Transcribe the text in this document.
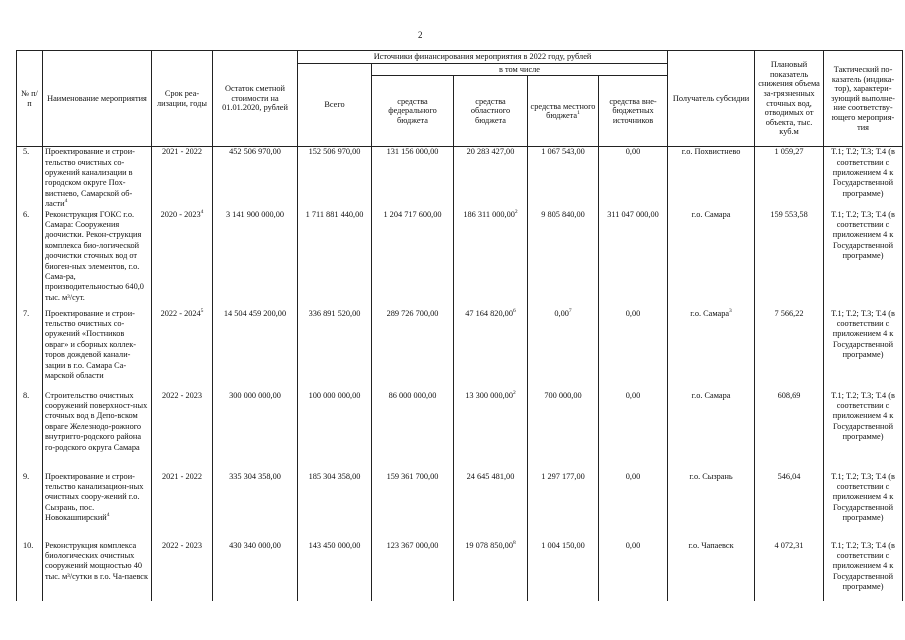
2
№ п/п	Наименование мероприятия	Срок реа-лизации, годы	Остаток сметной стоимости на 01.01.2020, рублей	Источники финансирования мероприятия в 2022 году, рублей					Получатель субсидии	Плановый показатель снижения объема за-грязненных сточных вод, отводимых от объекта, тыс. куб.м	Тактический по-казатель (индика-тор), характери-зующий выполне-ние соответству-ющего мероприя-тия
				Всего	в том числе						
					средства федерального бюджета	средства областного бюджета	средства местного бюджета$^1$	средства вне-бюджетных источников			
5.	Проектирование и строи-тельство очистных со-оружений канализации в городском округе Пох-вистнево, Самарской об-ласти$^4$	2021 - 2022	452 506 970,00	152 506 970,00	131 156 000,00	20 283 427,00	1 067 543,00	0,00	г.о. Похвистнево	1 059,27	Т.1; Т.2; Т.3; Т.4 (в соответствии с приложением 4 к Государственной программе)
6.	Реконструкция ГОКС г.о. Самара: Сооружения доочистки. Рекон-струкция комплекса био-логической доочистки сточных вод от биоген-ных элементов, г.о. Сама-ра, производительностью 640,0 тыс. м³/сут.	2020 - 2023$^4$	3 141 900 000,00	1 711 881 440,00	1 204 717 600,00	186 311 000,00$^2$	9 805 840,00	311 047 000,00	г.о. Самара	159 553,58	Т.1; Т.2; Т.3; Т.4 (в соответствии с приложением 4 к Государственной программе)
7.	Проектирование и строи-тельство очистных со-оружений «Постников овраг» и сборных коллек-торов дождевой канали-зации в г.о. Самара Са-марской области	2022 - 2024$^5$	14 504 459 200,00	336 891 520,00	289 726 700,00	47 164 820,00$^6$	0,00$^7$	0,00	г.о. Самара$^3$	7 566,22	Т.1; Т.2; Т.3; Т.4 (в соответствии с приложением 4 к Государственной программе)
8.	Строительство очистных сооружений поверхност-ных сточных вод в Депо-вском овраге Железнодо-рожного внутригго-родского района го-родского округа Самара	2022 - 2023	300 000 000,00	100 000 000,00	86 000 000,00	13 300 000,00$^2$	700 000,00	0,00	г.о. Самара	608,69	Т.1; Т.2; Т.3; Т.4 (в соответствии с приложением 4 к Государственной программе)
9.	Проектирование и строи-тельство канализацион-ных очистных соору-жений г.о. Сызрань, пос. Новокашпирский$^4$	2021 - 2022	335 304 358,00	185 304 358,00	159 361 700,00	24 645 481,00	1 297 177,00	0,00	г.о. Сызрань	546,04	Т.1; Т.2; Т.3; Т.4 (в соответствии с приложением 4 к Государственной программе)
10.	Реконструкция комплекса биологических очистных сооружений мощностью 40 тыс. м³/сутки в г.о. Ча-паевск	2022 - 2023	430 340 000,00	143 450 000,00	123 367 000,00	19 078 850,00$^8$	1 004 150,00	0,00	г.о. Чапаевск	4 072,31	Т.1; Т.2; Т.3; Т.4 (в соответствии с приложением 4 к Государственной программе)
